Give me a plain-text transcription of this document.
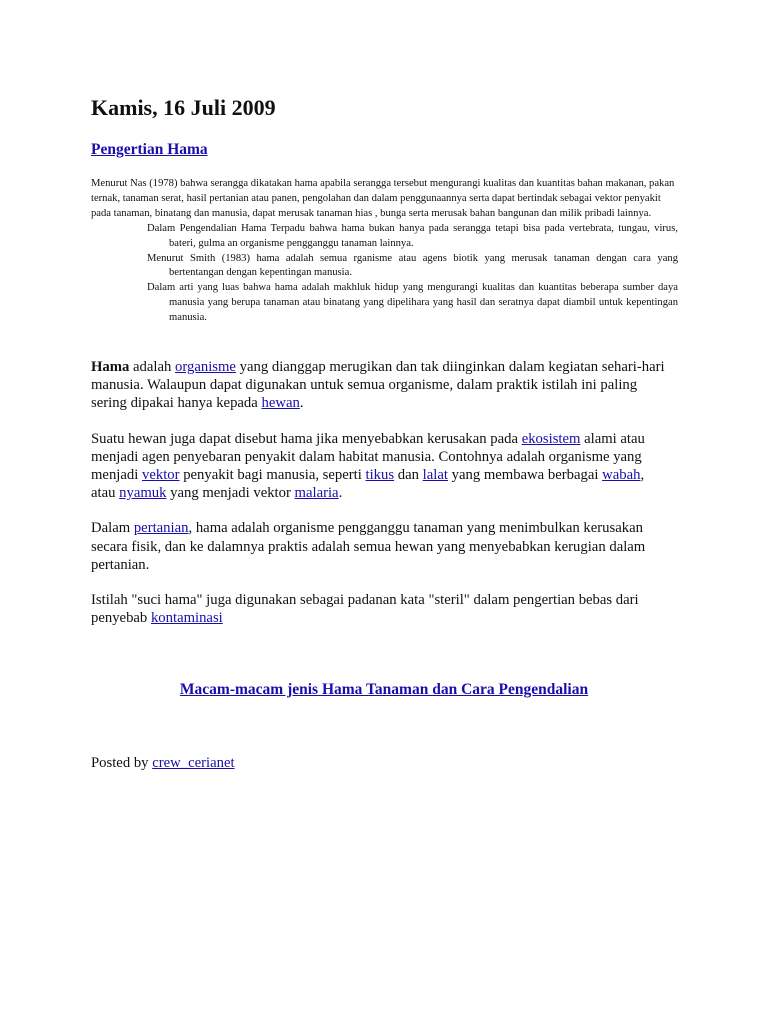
Kamis, 16 Juli 2009
Pengertian Hama

Menurut Nas (1978) bahwa serangga dikatakan hama apabila serangga tersebut mengurangi kualitas dan kuantitas bahan makanan, pakan ternak, tanaman serat, hasil pertanian atau panen, pengolahan dan dalam penggunaannya serta dapat bertindak sebagai vektor penyakit pada tanaman, binatang dan manusia, dapat merusak tanaman hias , bunga serta merusak bahan bangunan dan milik pribadi lainnya.

Dalam Pengendalian Hama Terpadu bahwa hama bukan hanya pada serangga tetapi bisa pada vertebrata, tungau, virus, bateri, gulma an organisme pengganggu tanaman lainnya.

Menurut Smith (1983) hama adalah semua rganisme atau agens biotik yang merusak tanaman dengan cara yang bertentangan dengan kepentingan manusia.

Dalam arti yang luas bahwa hama adalah makhluk hidup yang mengurangi kualitas dan kuantitas beberapa sumber daya manusia yang berupa tanaman atau binatang yang dipelihara yang hasil dan seratnya dapat diambil untuk kepentingan manusia.

Hama adalah organisme yang dianggap merugikan dan tak diinginkan dalam kegiatan sehari-hari manusia. Walaupun dapat digunakan untuk semua organisme, dalam praktik istilah ini paling sering dipakai hanya kepada hewan.

Suatu hewan juga dapat disebut hama jika menyebabkan kerusakan pada ekosistem alami atau menjadi agen penyebaran penyakit dalam habitat manusia. Contohnya adalah organisme yang menjadi vektor penyakit bagi manusia, seperti tikus dan lalat yang membawa berbagai wabah, atau nyamuk yang menjadi vektor malaria.

Dalam pertanian, hama adalah organisme pengganggu tanaman yang menimbulkan kerusakan secara fisik, dan ke dalamnya praktis adalah semua hewan yang menyebabkan kerugian dalam pertanian.

Istilah "suci hama" juga digunakan sebagai padanan kata "steril" dalam pengertian bebas dari penyebab kontaminasi

Macam-macam jenis Hama Tanaman dan Cara Pengendalian
Posted by crew_cerianet
